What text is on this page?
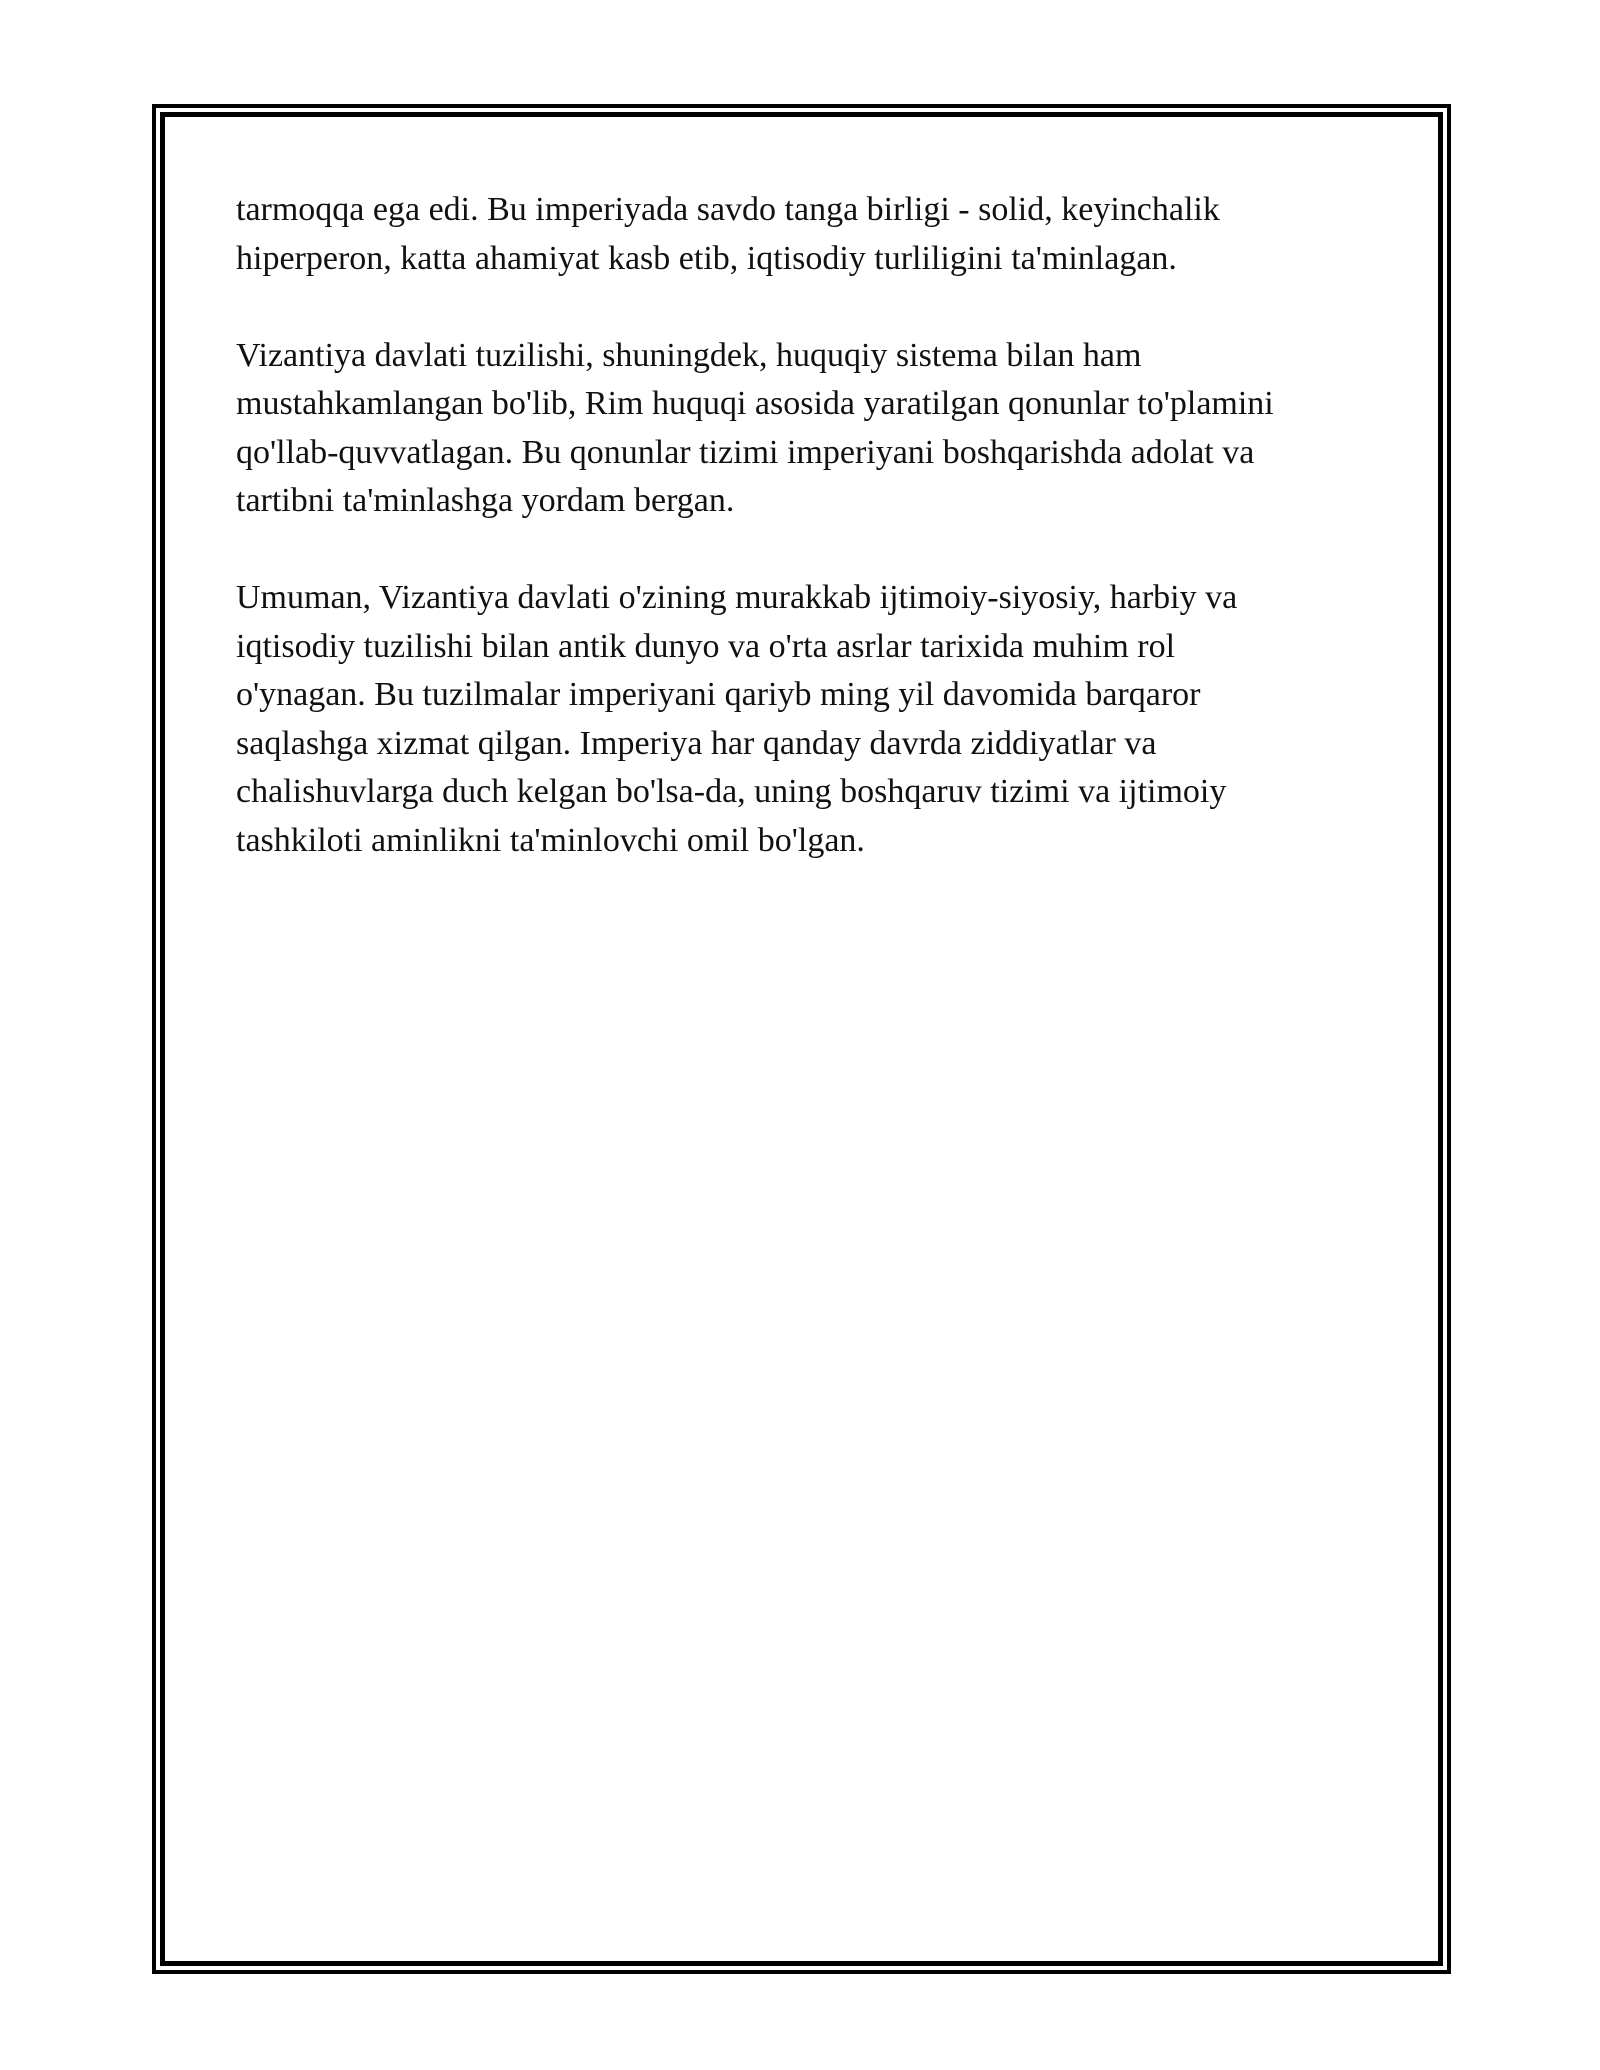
tarmoqqa ega edi. Bu imperiyada savdo tanga birligi - solid, keyinchalik
hiperperon, katta ahamiyat kasb etib, iqtisodiy turliligini ta'minlagan.

Vizantiya davlati tuzilishi, shuningdek, huquqiy sistema bilan ham
mustahkamlangan bo'lib, Rim huquqi asosida yaratilgan qonunlar to'plamini
qo'llab-quvvatlagan. Bu qonunlar tizimi imperiyani boshqarishda adolat va
tartibni ta'minlashga yordam bergan.

Umuman, Vizantiya davlati o'zining murakkab ijtimoiy-siyosiy, harbiy va
iqtisodiy tuzilishi bilan antik dunyo va o'rta asrlar tarixida muhim rol
o'ynagan. Bu tuzilmalar imperiyani qariyb ming yil davomida barqaror
saqlashga xizmat qilgan. Imperiya har qanday davrda ziddiyatlar va
chalishuvlarga duch kelgan bo'lsa-da, uning boshqaruv tizimi va ijtimoiy
tashkiloti aminlikni ta'minlovchi omil bo'lgan.
